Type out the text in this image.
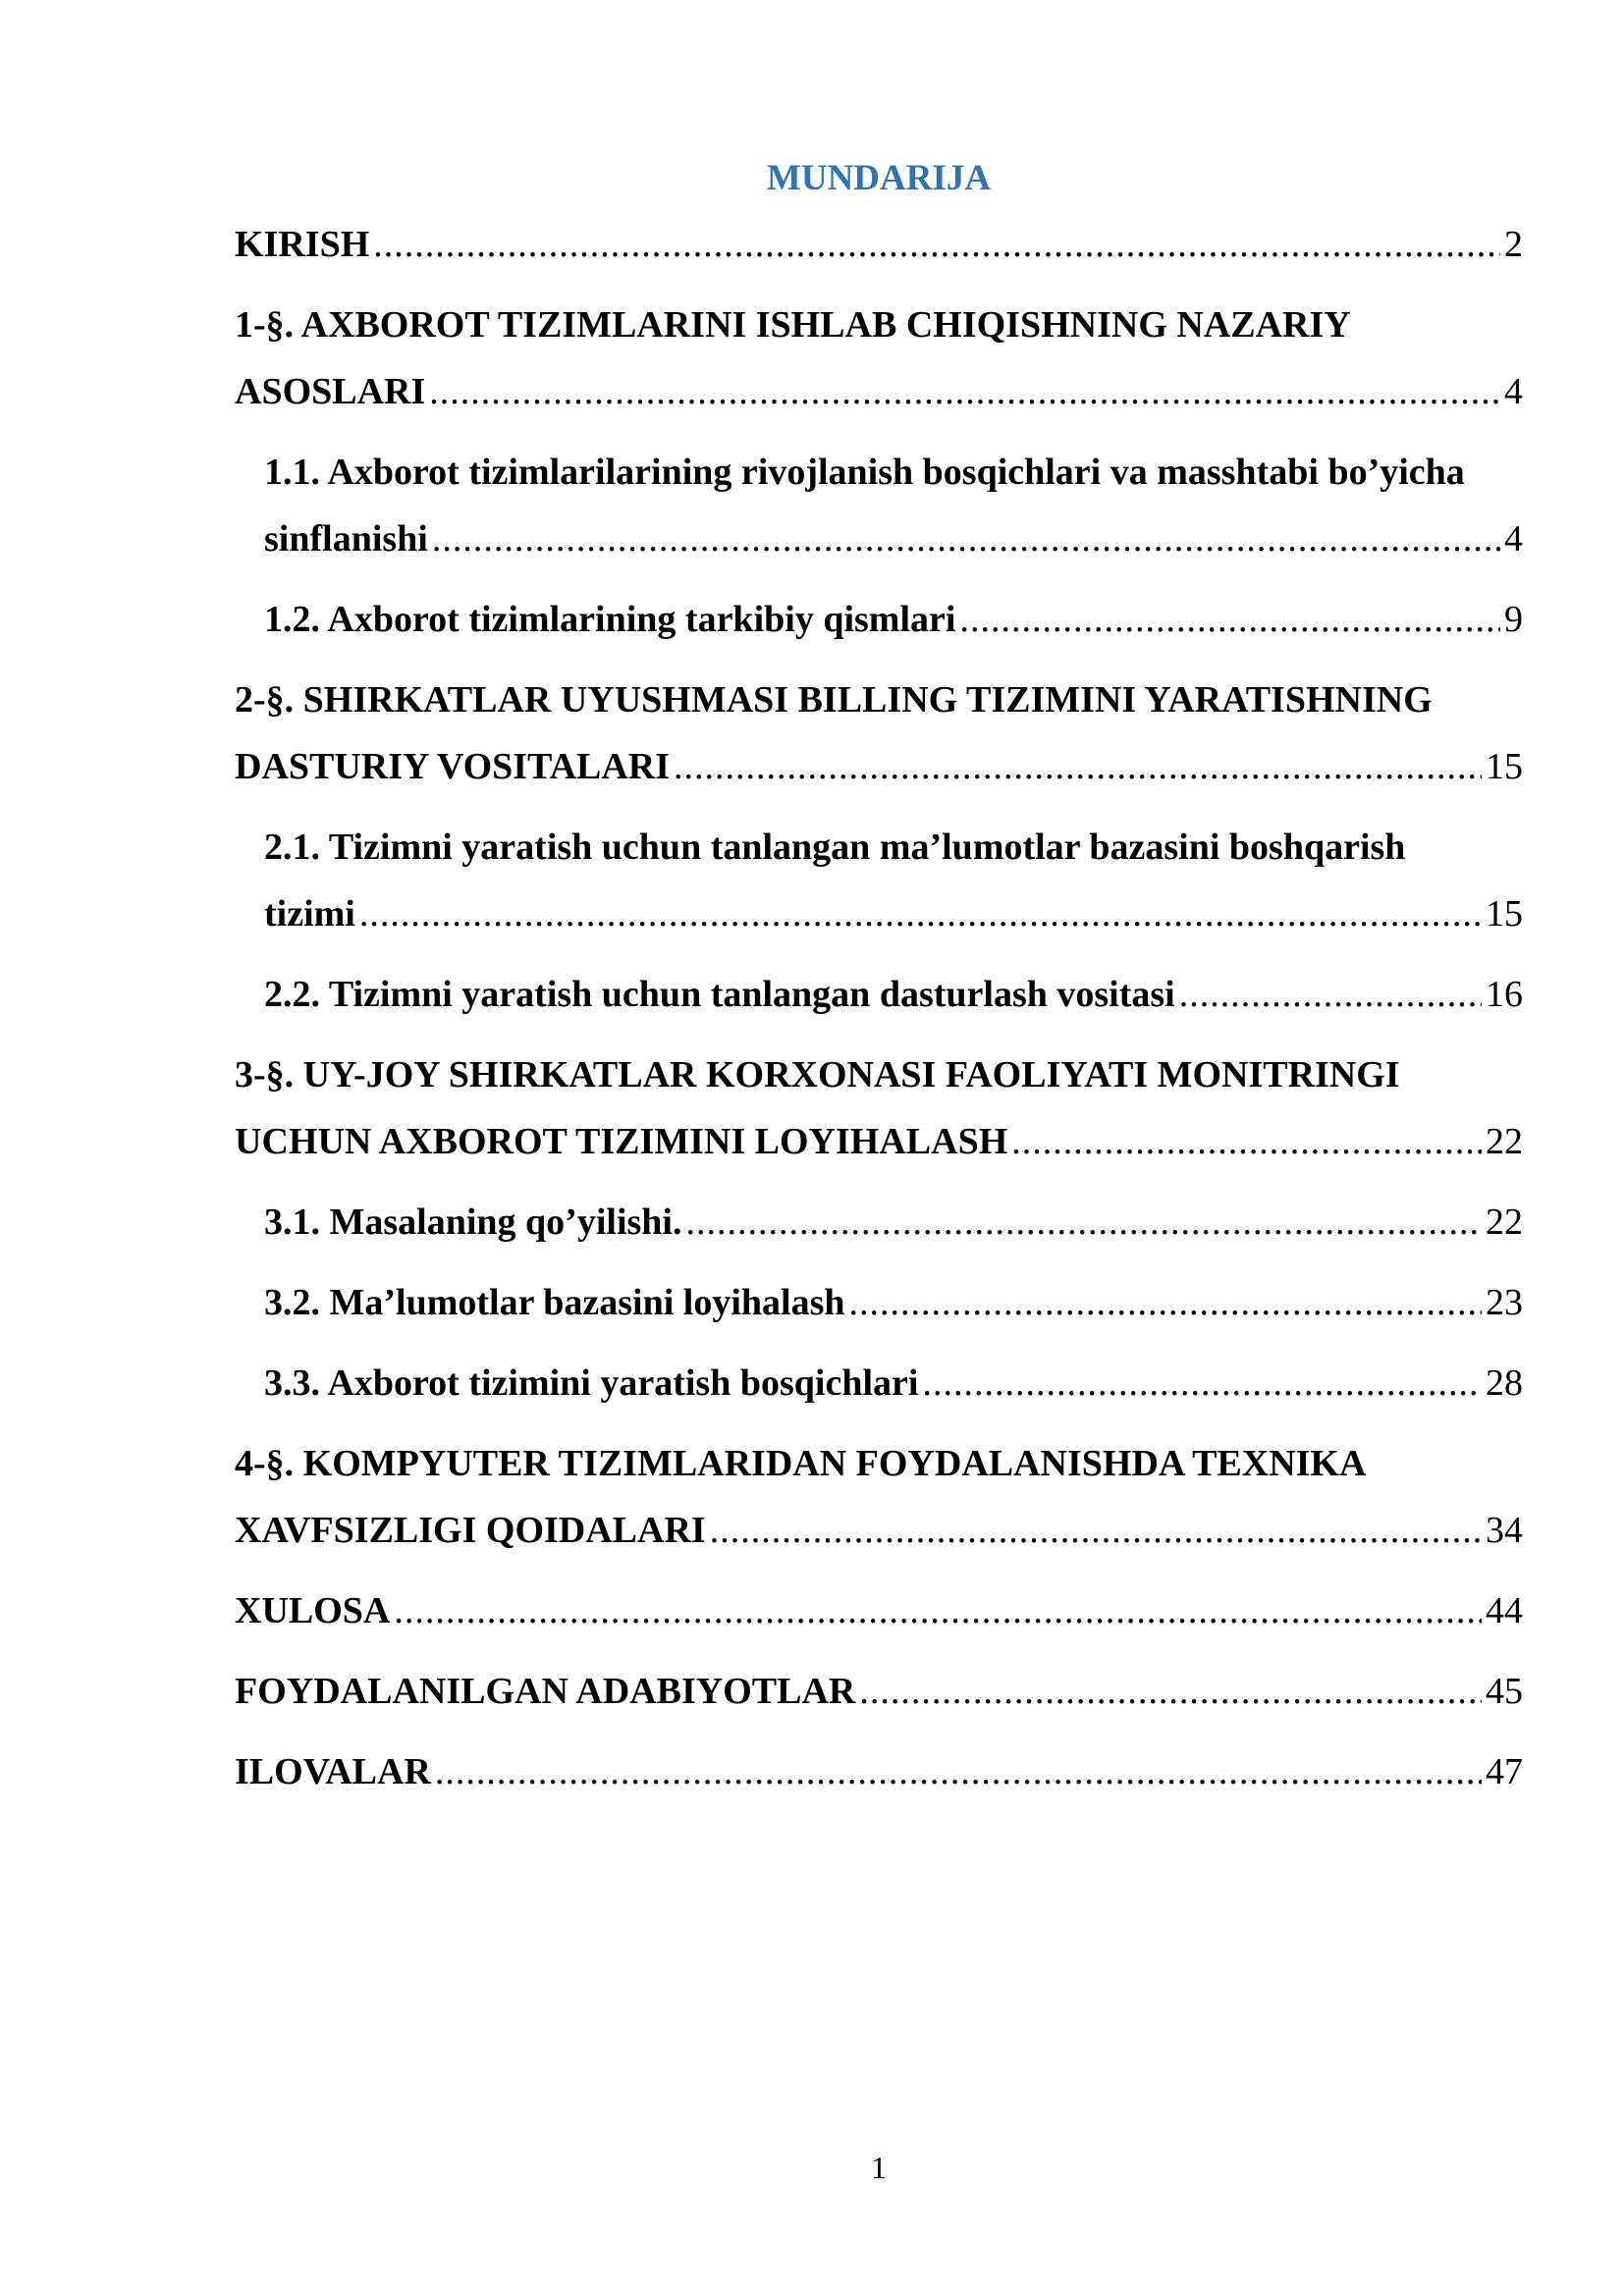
MUNDARIJA
KIRISH .....	2
1-§. AXBOROT TIZIMLARINI ISHLAB CHIQISHNING NAZARIY
ASOSLARI .....	4
1.1. Axborot tizimlarilarining rivojlanish bosqichlari va masshtabi bo’yicha
sinflanishi .....	4
1.2. Axborot tizimlarining tarkibiy qismlari .....	9
2-§. SHIRKATLAR UYUSHMASI BILLING TIZIMINI YARATISHNING
DASTURIY VOSITALARI .....	15
2.1. Tizimni yaratish uchun tanlangan ma’lumotlar bazasini boshqarish
tizimi .....	15
2.2. Tizimni yaratish uchun tanlangan dasturlash vositasi .....	16
3-§. UY-JOY SHIRKATLAR KORXONASI FAOLIYATI MONITRINGI
UCHUN AXBOROT TIZIMINI LOYIHALASH .....	22
3.1. Masalaning qo’yilishi. .....	22
3.2. Ma’lumotlar bazasini loyihalash .....	23
3.3. Axborot tizimini yaratish bosqichlari .....	28
4-§. KOMPYUTER TIZIMLARIDAN FOYDALANISHDA TEXNIKA
XAVFSIZLIGI QOIDALARI .....	34
XULOSA .....	44
FOYDALANILGAN ADABIYOTLAR .....	45
ILOVALAR .....	47
1
